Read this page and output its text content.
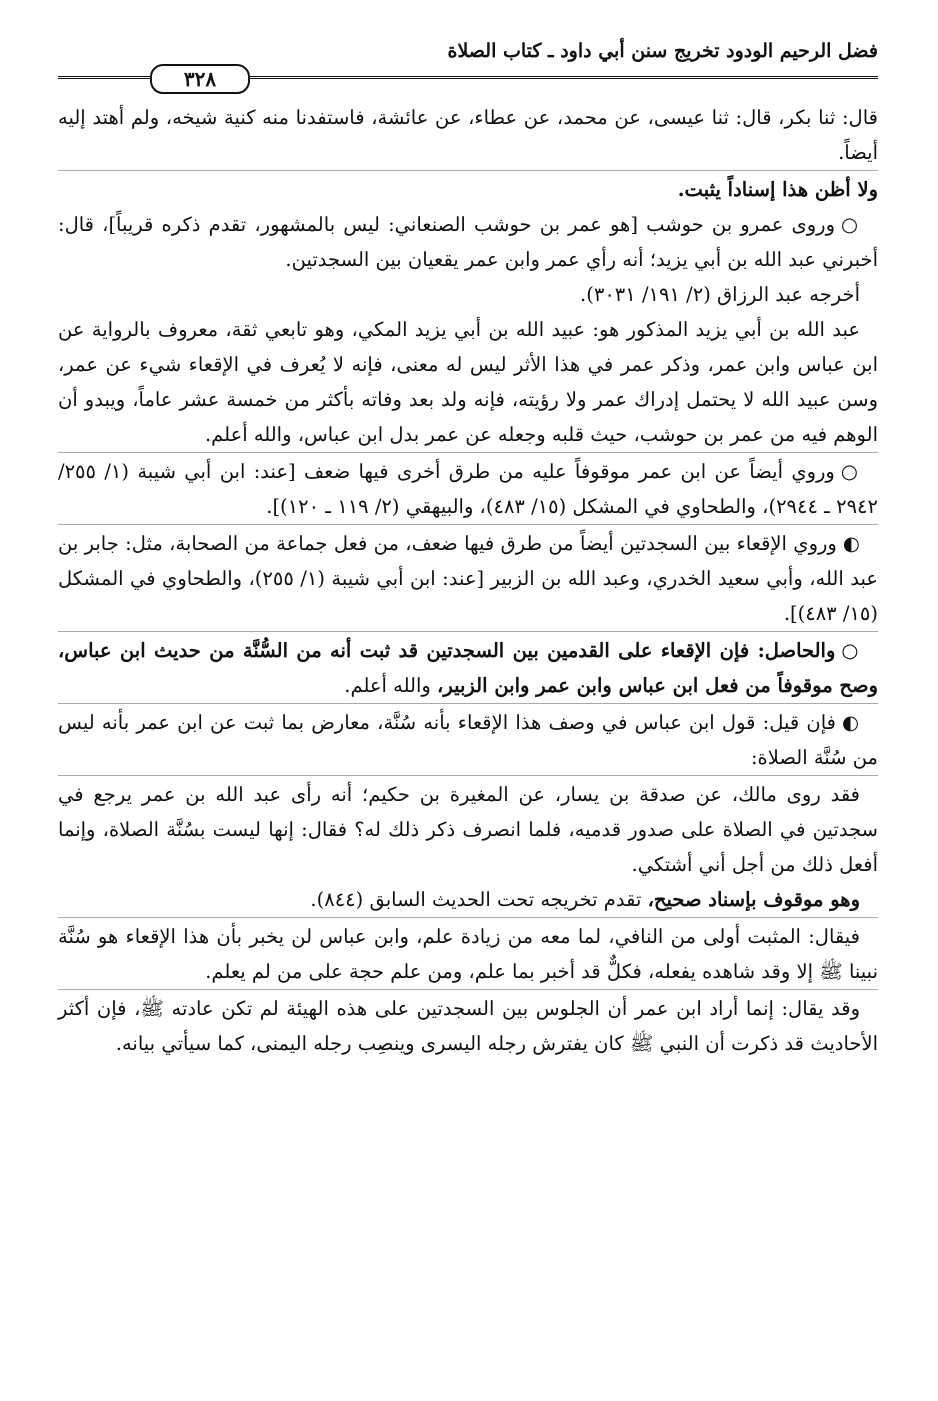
فضل الرحيم الودود تخريج سنن أبي داود ـ كتاب الصلاة
٣٢٨

قال: ثنا بكر، قال: ثنا عيسى، عن محمد، عن عطاء، عن عائشة، فاستفدنا منه كنية شيخه، ولم أهتد إليه أيضاً.

ولا أظن هذا إسناداً يثبت.

○وروى عمرو بن حوشب [هو عمر بن حوشب الصنعاني: ليس بالمشهور، تقدم ذكره قريباً]، قال: أخبرني عبد الله بن أبي يزيد؛ أنه رأي عمر وابن عمر يقعيان بين السجدتين.

أخرجه عبد الرزاق (٢/ ١٩١/ ٣٠٣١).

عبد الله بن أبي يزيد المذكور هو: عبيد الله بن أبي يزيد المكي، وهو تابعي ثقة، معروف بالرواية عن ابن عباس وابن عمر، وذكر عمر في هذا الأثر ليس له معنى، فإنه لا يُعرف في الإقعاء شيء عن عمر، وسن عبيد الله لا يحتمل إدراك عمر ولا رؤيته، فإنه ولد بعد وفاته بأكثر من خمسة عشر عاماً، ويبدو أن الوهم فيه من عمر بن حوشب، حيث قلبه وجعله عن عمر بدل ابن عباس، والله أعلم.

○وروي أيضاً عن ابن عمر موقوفاً عليه من طرق أخرى فيها ضعف [عند: ابن أبي شيبة (١/ ٢٥٥/ ٢٩٤٢ ـ ٢٩٤٤)، والطحاوي في المشكل (١٥/ ٤٨٣)، والبيهقي (٢/ ١١٩ ـ ١٢٠)].

◐وروي الإقعاء بين السجدتين أيضاً من طرق فيها ضعف، من فعل جماعة من الصحابة، مثل: جابر بن عبد الله، وأبي سعيد الخدري، وعبد الله بن الزبير [عند: ابن أبي شيبة (١/ ٢٥٥)، والطحاوي في المشكل (١٥/ ٤٨٣)].

○والحاصل: فإن الإقعاء على القدمين بين السجدتين قد ثبت أنه من السُّنَّة من حديث ابن عباس، وصح موقوفاً من فعل ابن عباس وابن عمر وابن الزبير، والله أعلم.

◐فإن قيل: قول ابن عباس في وصف هذا الإقعاء بأنه سُنَّة، معارض بما ثبت عن ابن عمر بأنه ليس من سُنَّة الصلاة:

فقد روى مالك، عن صدقة بن يسار، عن المغيرة بن حكيم؛ أنه رأى عبد الله بن عمر يرجع في سجدتين في الصلاة على صدور قدميه، فلما انصرف ذكر ذلك له؟ فقال: إنها ليست بسُنَّة الصلاة، وإنما أفعل ذلك من أجل أني أشتكي.

وهو موقوف بإسناد صحيح، تقدم تخريجه تحت الحديث السابق (٨٤٤).

فيقال: المثبت أولى من النافي، لما معه من زيادة علم، وابن عباس لن يخبر بأن هذا الإقعاء هو سُنَّة نبينا ﷺ إلا وقد شاهده يفعله، فكلٌّ قد أخبر بما علم، ومن علم حجة على من لم يعلم.

وقد يقال: إنما أراد ابن عمر أن الجلوس بين السجدتين على هذه الهيئة لم تكن عادته ﷺ، فإن أكثر الأحاديث قد ذكرت أن النبي ﷺ كان يفترش رجله اليسرى وينصِب رجله اليمنى، كما سيأتي بيانه.
